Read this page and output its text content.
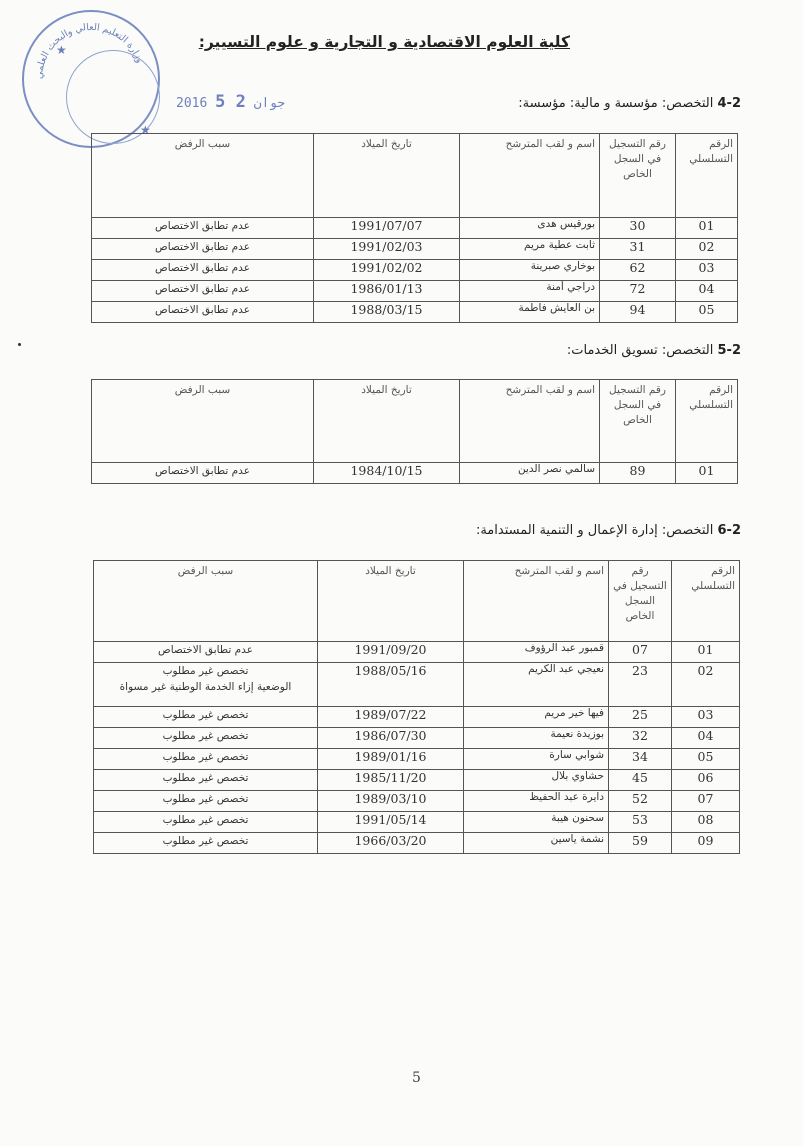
وزارة التعليم العالي والبحث العلمي
★
★
2016	جوان 2 5
كلية العلوم الاقتصادية و التجارية و علوم التسيير:
4-2 التخصص: مؤسسة و مالية: مؤسسة:
الرقم التسلسلي	رقم التسجيل في السجل الخاص	اسم و لقب المترشح	تاريخ الميلاد	سبب الرفض
01	30	بورقيس هدى	1991/07/07	عدم تطابق الاختصاص
02	31	ثابت عطية مريم	1991/02/03	عدم تطابق الاختصاص
03	62	بوخاري صبرينة	1991/02/02	عدم تطابق الاختصاص
04	72	دراجي أمنة	1986/01/13	عدم تطابق الاختصاص
05	94	بن العايش فاطمة	1988/03/15	عدم تطابق الاختصاص
5-2 التخصص: تسويق الخدمات:
الرقم التسلسلي	رقم التسجيل في السجل الخاص	اسم و لقب المترشح	تاريخ الميلاد	سبب الرفض
01	89	سالمي نصر الدين	1984/10/15	عدم تطابق الاختصاص
6-2 التخصص: إدارة الإعمال و التنمية المستدامة:
الرقم التسلسلي	رقم التسجيل في السجل الخاص	اسم و لقب المترشح	تاريخ الميلاد	سبب الرفض
01	07	قمبور عبد الرؤوف	1991/09/20	عدم تطابق الاختصاص
02	23	نعيجي عبد الكريم	1988/05/16	تخصص غير مطلوب
الوضعية إزاء الخدمة الوطنية غير مسواة

03	25	فيها خير مريم	1989/07/22	تخصص غير مطلوب
04	32	بوزيدة نعيمة	1986/07/30	تخصص غير مطلوب
05	34	شوابي سارة	1989/01/16	تخصص غير مطلوب
06	45	حشاوي بلال	1985/11/20	تخصص غير مطلوب
07	52	دايرة عبد الحفيظ	1989/03/10	تخصص غير مطلوب
08	53	سحنون هيبة	1991/05/14	تخصص غير مطلوب
09	59	نشمة ياسين	1966/03/20	تخصص غير مطلوب
5
